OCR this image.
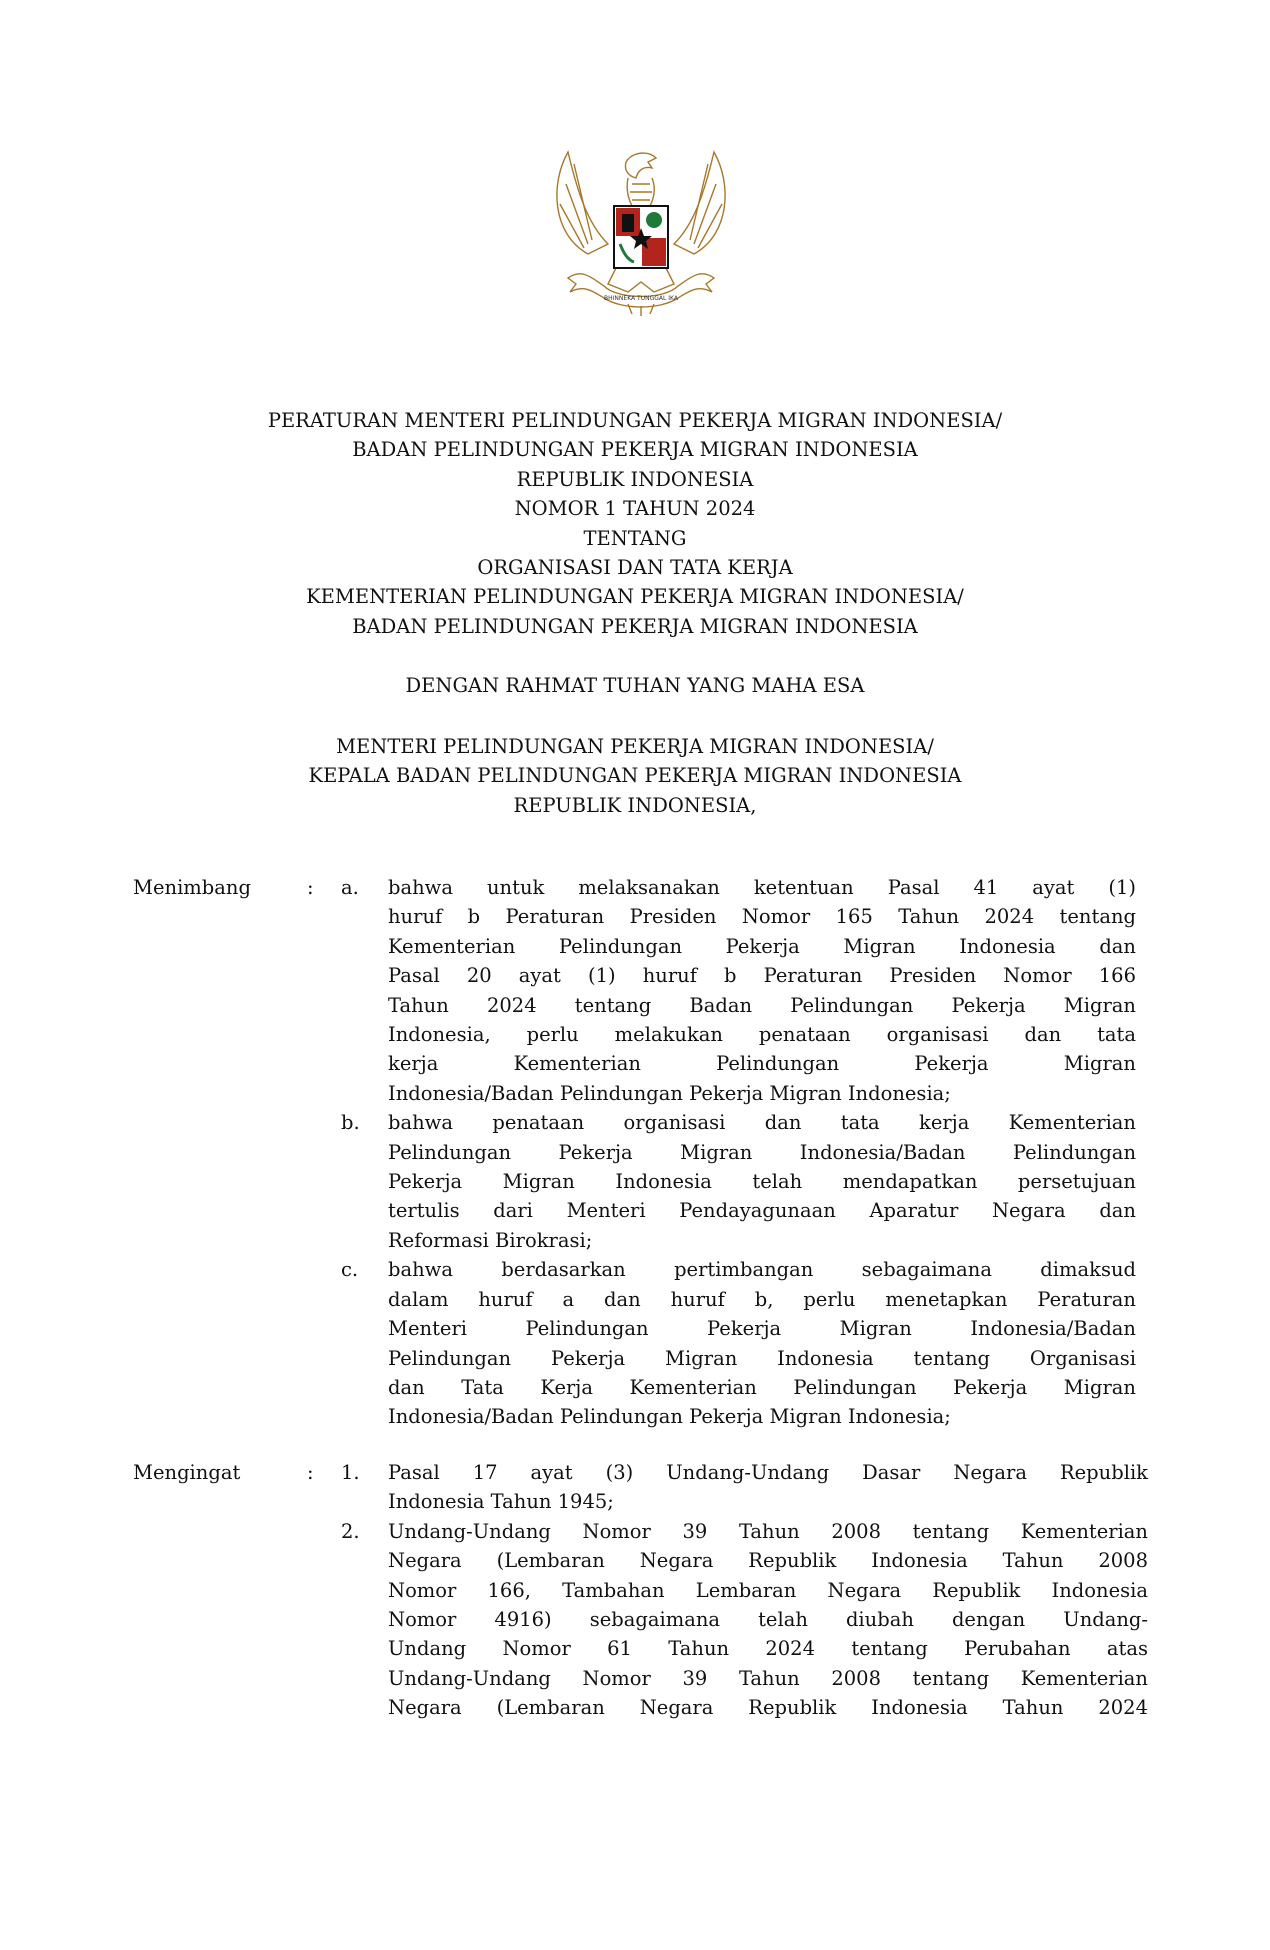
BHINNEKA TUNGGAL IKA
PERATURAN MENTERI PELINDUNGAN PEKERJA MIGRAN INDONESIA/
BADAN PELINDUNGAN PEKERJA MIGRAN INDONESIA
REPUBLIK INDONESIA
NOMOR 1 TAHUN 2024
TENTANG
ORGANISASI DAN TATA KERJA
KEMENTERIAN PELINDUNGAN PEKERJA MIGRAN INDONESIA/
BADAN PELINDUNGAN PEKERJA MIGRAN INDONESIA
DENGAN RAHMAT TUHAN YANG MAHA ESA
MENTERI PELINDUNGAN PEKERJA MIGRAN INDONESIA/
KEPALA BADAN PELINDUNGAN PEKERJA MIGRAN INDONESIA
REPUBLIK INDONESIA,
Menimbang	: a. bahwa untuk melaksanakan ketentuan Pasal 41 ayat (1)
huruf b Peraturan Presiden Nomor 165 Tahun 2024 tentang
Kementerian Pelindungan Pekerja Migran Indonesia dan
Pasal 20 ayat (1) huruf b Peraturan Presiden Nomor 166
Tahun 2024 tentang Badan Pelindungan Pekerja Migran
Indonesia, perlu melakukan penataan organisasi dan tata
kerja Kementerian Pelindungan Pekerja Migran
Indonesia/Badan Pelindungan Pekerja Migran Indonesia;
b. bahwa penataan organisasi dan tata kerja Kementerian
Pelindungan Pekerja Migran Indonesia/Badan Pelindungan
Pekerja Migran Indonesia telah mendapatkan persetujuan
tertulis dari Menteri Pendayagunaan Aparatur Negara dan
Reformasi Birokrasi;
c. bahwa berdasarkan pertimbangan sebagaimana dimaksud
dalam huruf a dan huruf b, perlu menetapkan Peraturan
Menteri Pelindungan Pekerja Migran Indonesia/Badan
Pelindungan Pekerja Migran Indonesia tentang Organisasi
dan Tata Kerja Kementerian Pelindungan Pekerja Migran
Indonesia/Badan Pelindungan Pekerja Migran Indonesia;
Mengingat	: 1. Pasal 17 ayat (3) Undang-Undang Dasar Negara Republik
Indonesia Tahun 1945;
2. Undang-Undang Nomor 39 Tahun 2008 tentang Kementerian
Negara (Lembaran Negara Republik Indonesia Tahun 2008
Nomor 166, Tambahan Lembaran Negara Republik Indonesia
Nomor 4916) sebagaimana telah diubah dengan Undang-
Undang Nomor 61 Tahun 2024 tentang Perubahan atas
Undang-Undang Nomor 39 Tahun 2008 tentang Kementerian
Negara (Lembaran Negara Republik Indonesia Tahun 2024
